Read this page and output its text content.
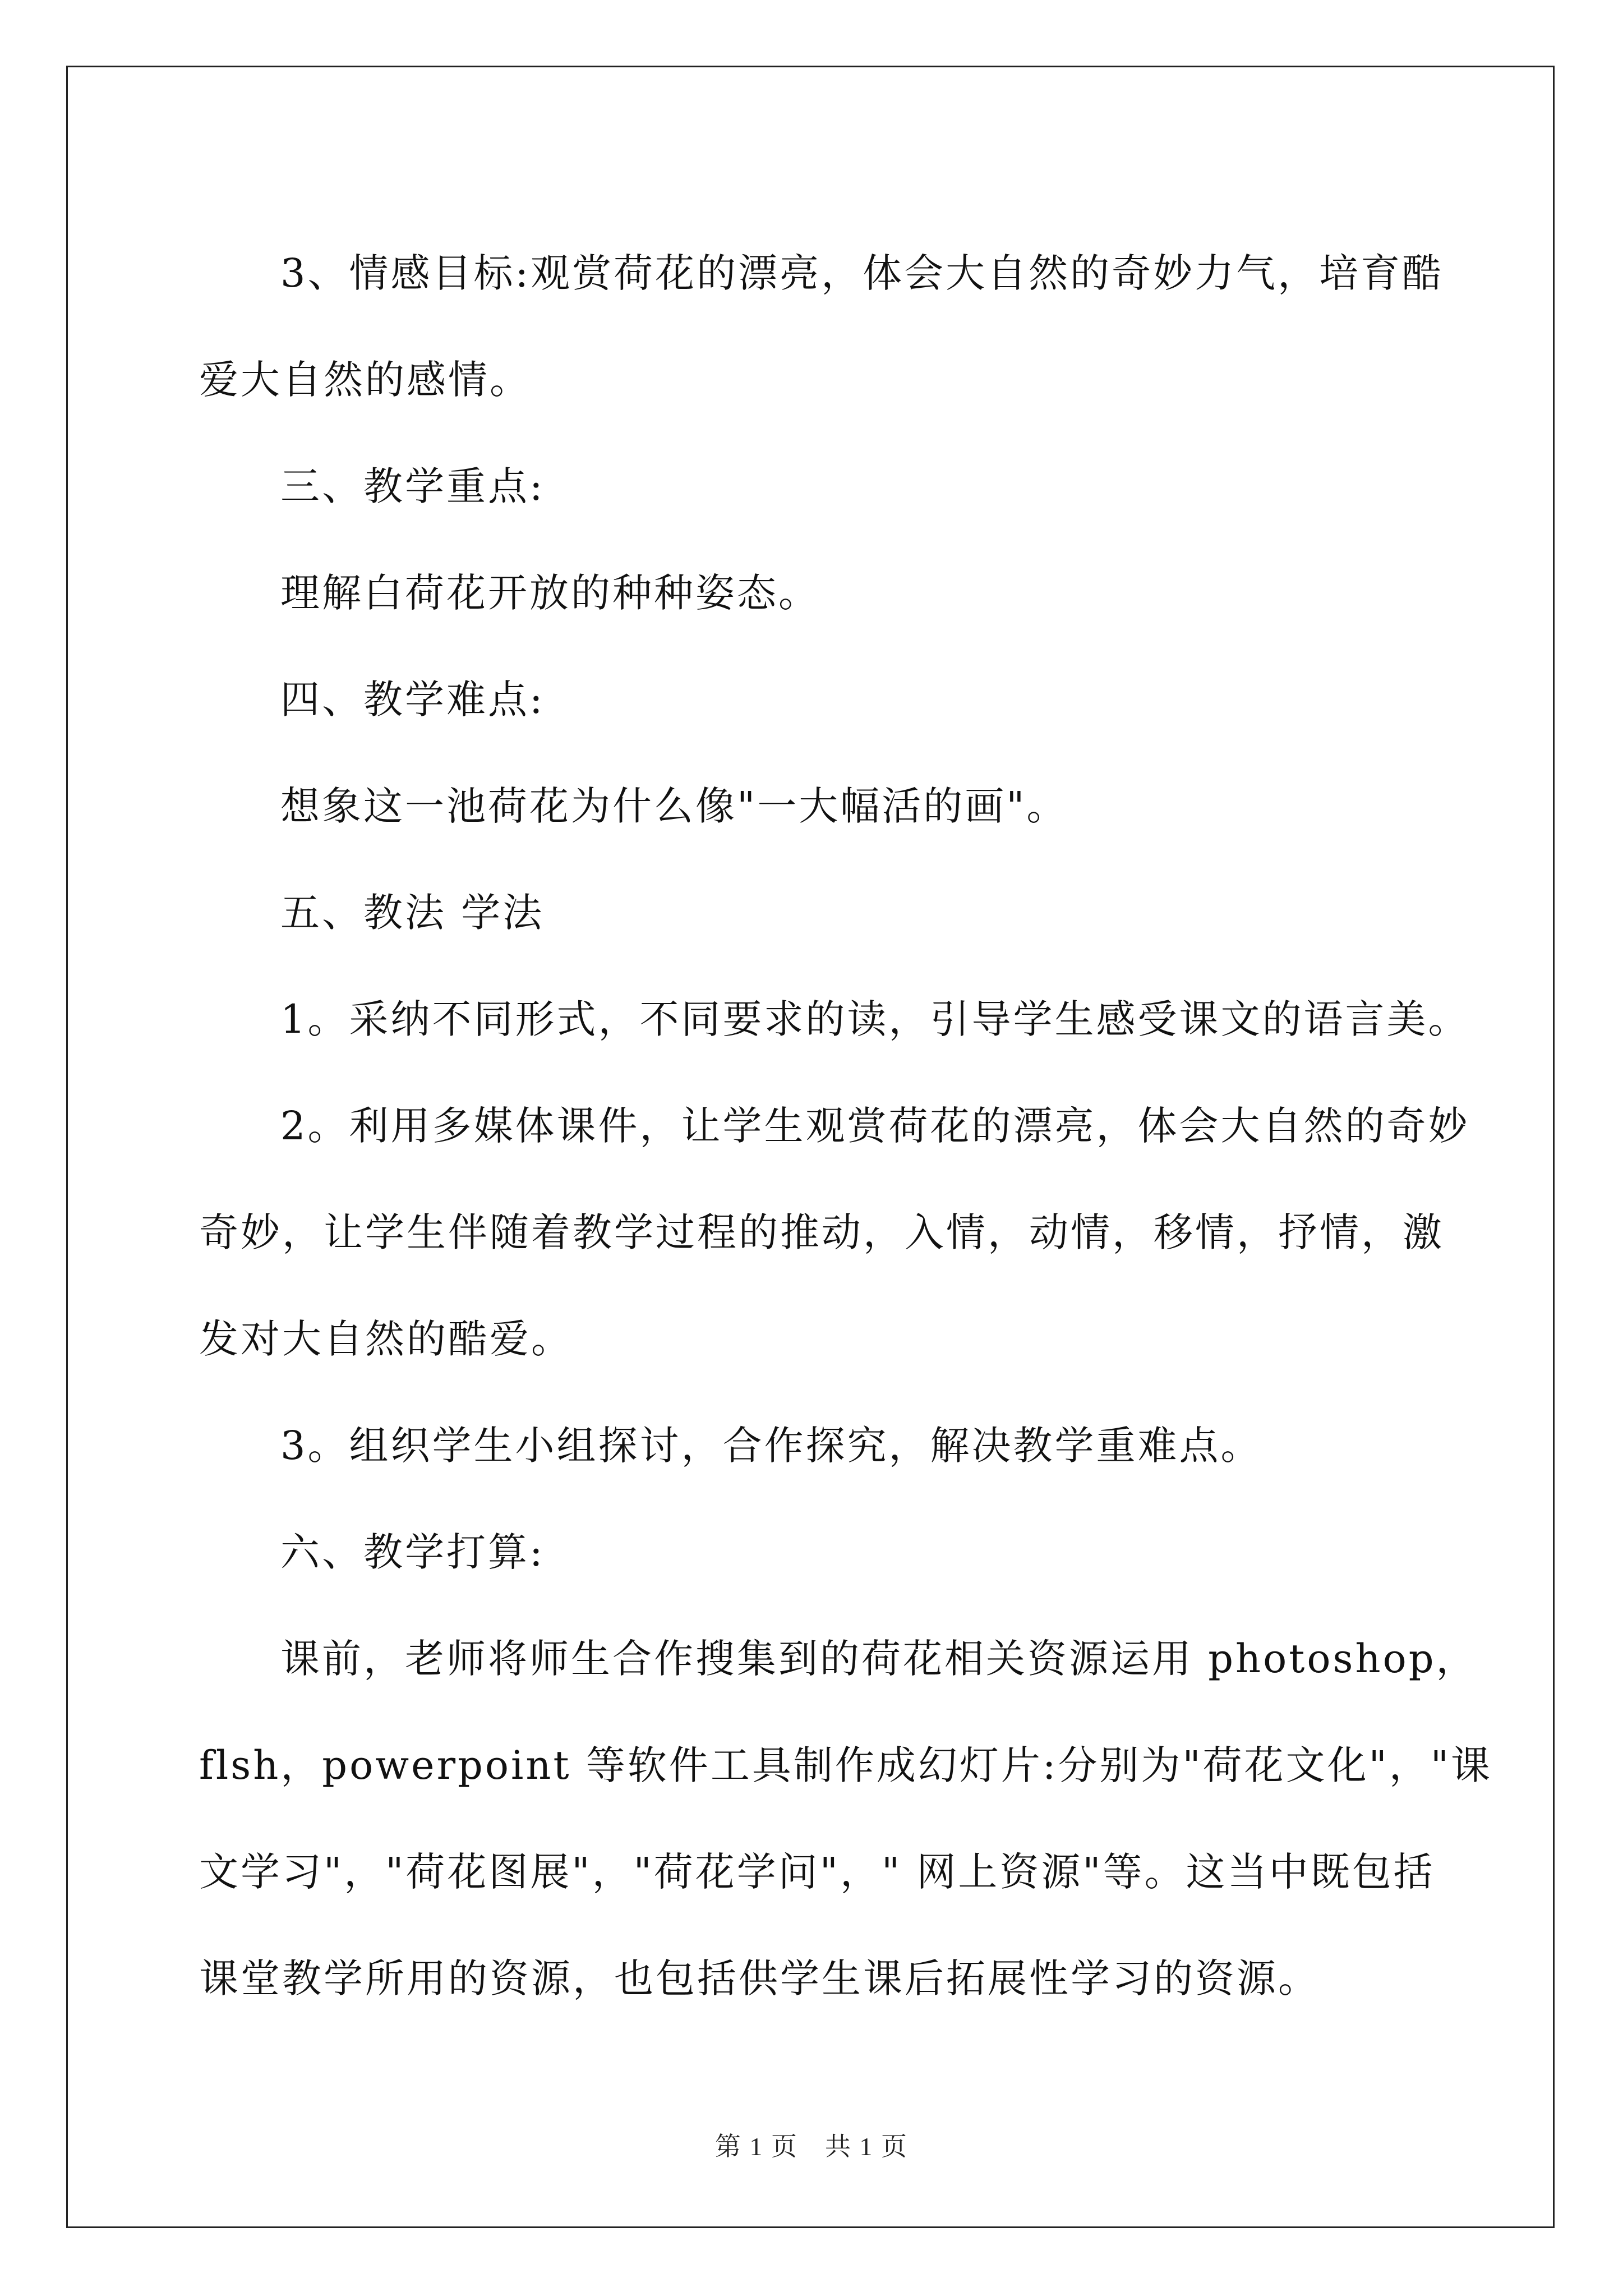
3、情感目标:观赏荷花的漂亮，体会大自然的奇妙力气，培育酷

爱大自然的感情。

三、教学重点:

理解白荷花开放的种种姿态。

四、教学难点:

想象这一池荷花为什么像"一大幅活的画"。

五、教法 学法

1。采纳不同形式，不同要求的读，引导学生感受课文的语言美。

2。利用多媒体课件，让学生观赏荷花的漂亮，体会大自然的奇妙

奇妙，让学生伴随着教学过程的推动，入情，动情，移情，抒情，激

发对大自然的酷爱。

3。组织学生小组探讨，合作探究，解决教学重难点。

六、教学打算:

课前，老师将师生合作搜集到的荷花相关资源运用 photoshop，

flsh，powerpoint 等软件工具制作成幻灯片:分别为"荷花文化"，"课

文学习"，"荷花图展"，"荷花学问"，" 网上资源"等。这当中既包括

课堂教学所用的资源，也包括供学生课后拓展性学习的资源。

第 1 页　共 1 页
